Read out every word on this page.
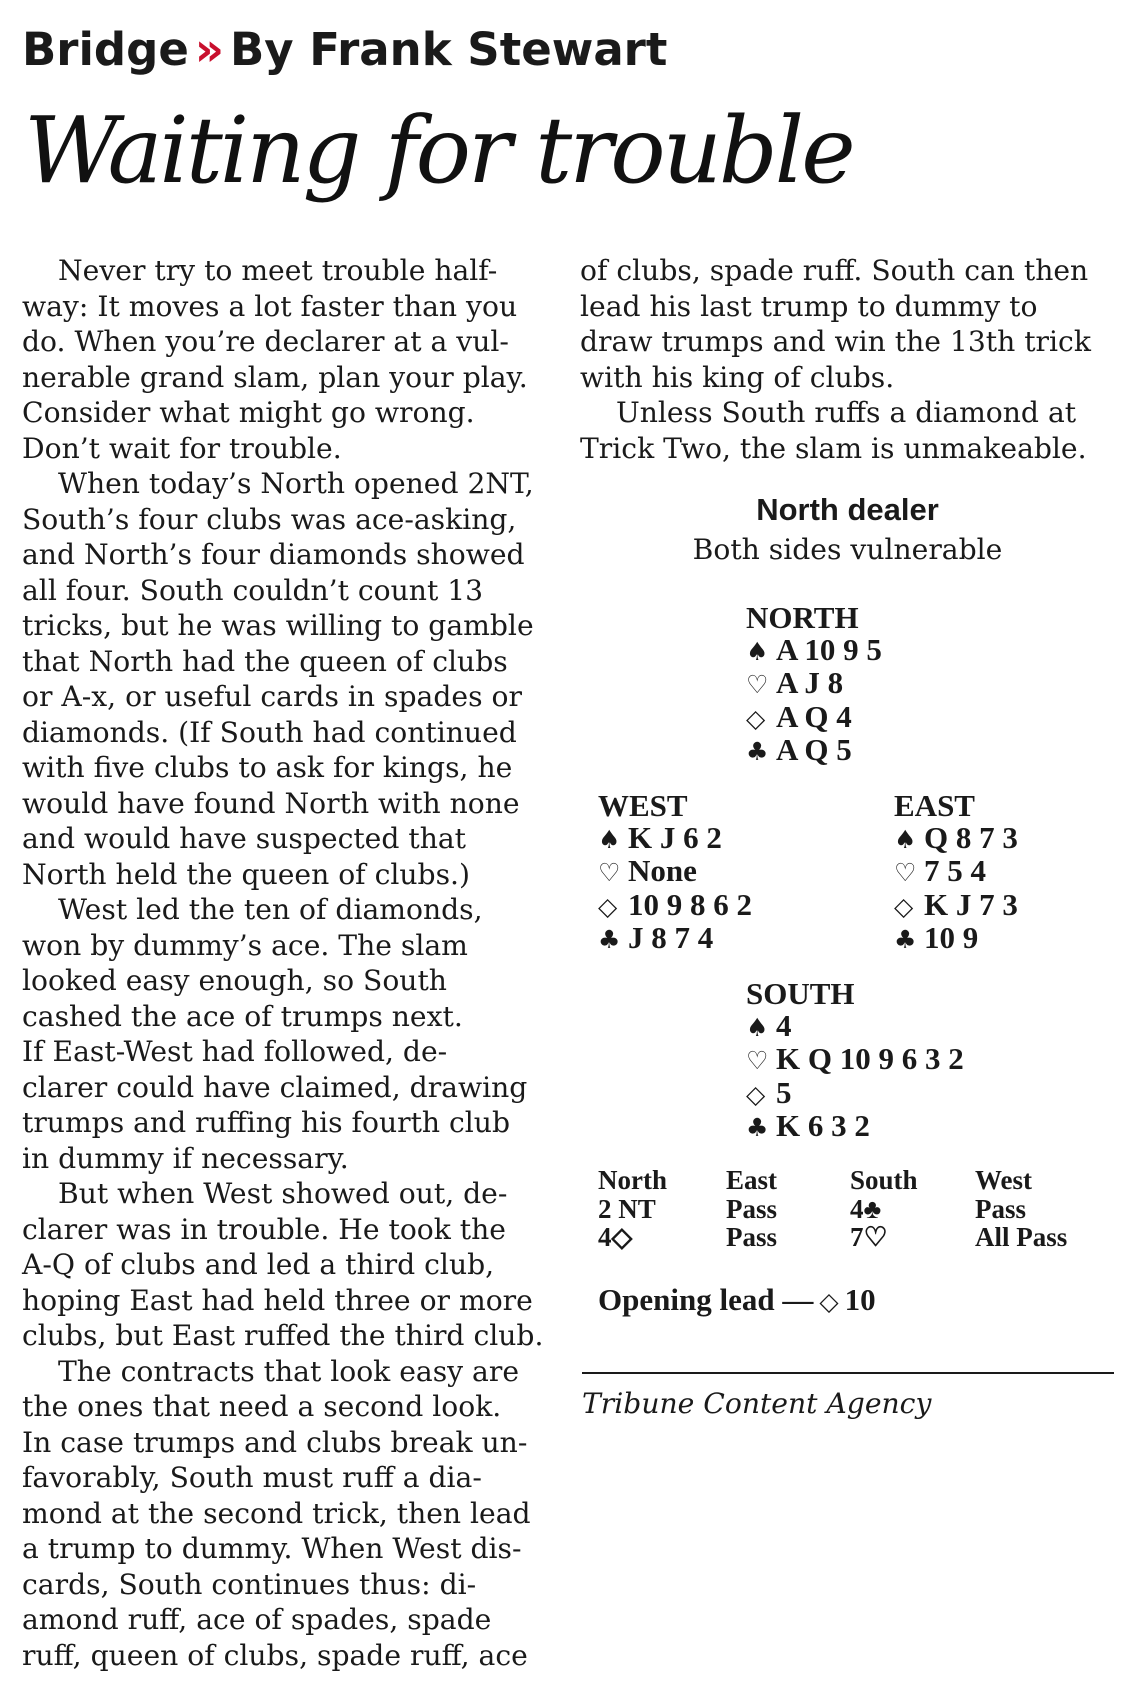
Bridge » By Frank Stewart
Waiting for trouble

Never try to meet trouble half-

way: It moves a lot faster than you

do. When you’re declarer at a vul-

nerable grand slam, plan your play.

Consider what might go wrong.

Don’t wait for trouble.

When today’s North opened 2NT,

South’s four clubs was ace-asking,

and North’s four diamonds showed

all four. South couldn’t count 13

tricks, but he was willing to gamble

that North had the queen of clubs

or A-x, or useful cards in spades or

diamonds. (If South had continued

with five clubs to ask for kings, he

would have found North with none

and would have suspected that

North held the queen of clubs.)

West led the ten of diamonds,

won by dummy’s ace. The slam

looked easy enough, so South

cashed the ace of trumps next.

If East-West had followed, de-

clarer could have claimed, drawing

trumps and ruffing his fourth club

in dummy if necessary.

But when West showed out, de-

clarer was in trouble. He took the

A-Q of clubs and led a third club,

hoping East had held three or more

clubs, but East ruffed the third club.

The contracts that look easy are

the ones that need a second look.

In case trumps and clubs break un-

favorably, South must ruff a dia-

mond at the second trick, then lead

a trump to dummy. When West dis-

cards, South continues thus: di-

amond ruff, ace of spades, spade

ruff, queen of clubs, spade ruff, ace

of clubs, spade ruff. South can then

lead his last trump to dummy to

draw trumps and win the 13th trick

with his king of clubs.

Unless South ruffs a diamond at

Trick Two, the slam is unmakeable.

North dealer
Both sides vulnerable
NORTH
♠ A 10 9 5
♡ A J 8
◇ A Q 4
♣ A Q 5
WEST
♠ K J 6 2
♡ None
◇ 10 9 8 6 2
♣ J 8 7 4
EAST
♠ Q 8 7 3
♡ 7 5 4
◇ K J 7 3
♣ 10 9
SOUTH
♠ 4
♡ K Q 10 9 6 3 2
◇ 5
♣ K 6 3 2
North
2 NT
4◇
East
Pass
Pass
South
4♣
7♡
West
Pass
All Pass
Opening lead — ◇ 10
Tribune Content Agency
